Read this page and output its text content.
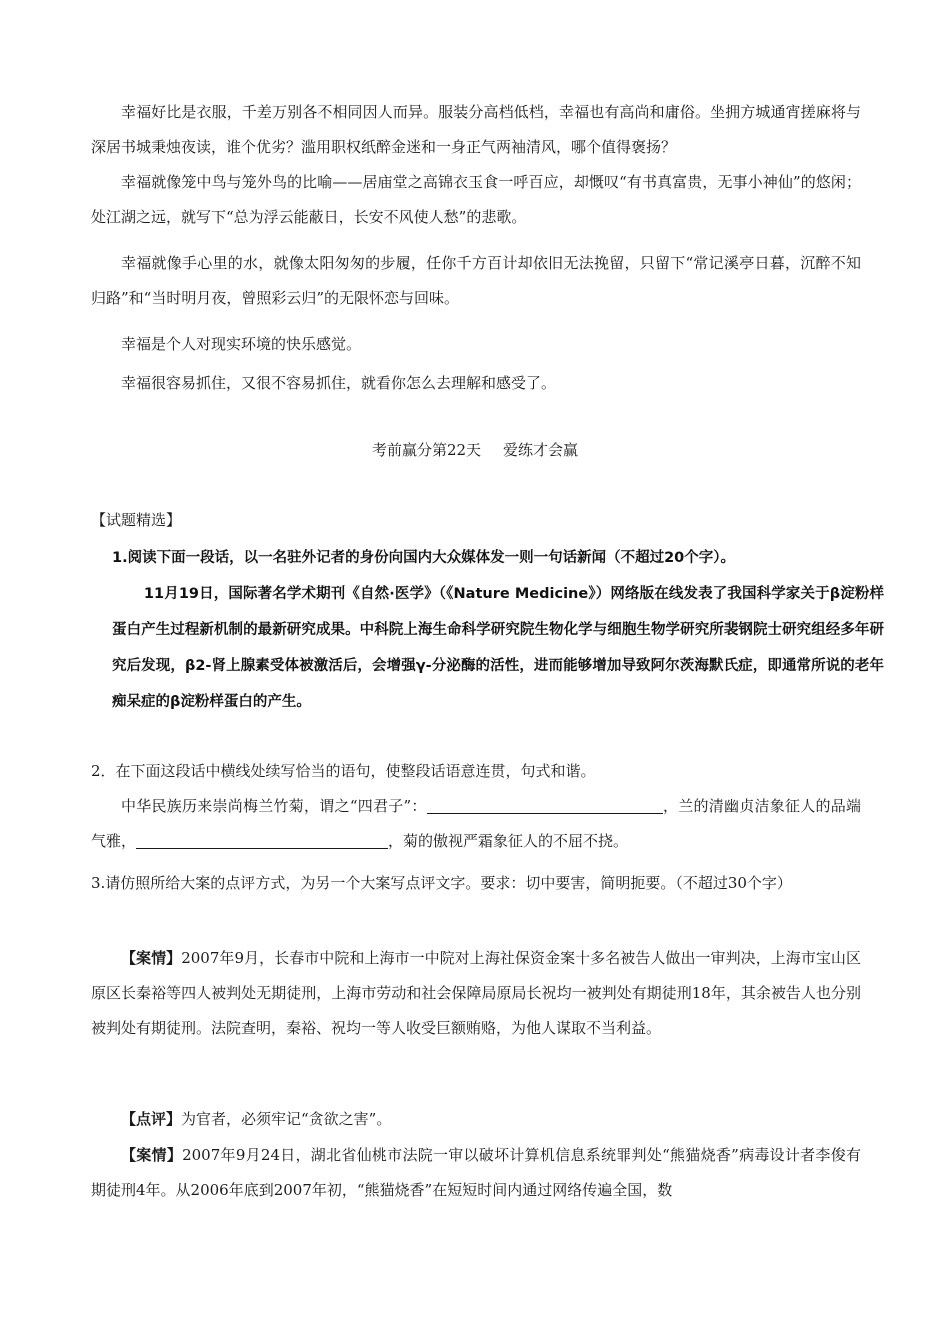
幸福好比是衣服，千差万别各不相同因人而异。服装分高档低档，幸福也有高尚和庸俗。坐拥方城通宵搓麻将与深居书城秉烛夜读，谁个优劣？滥用职权纸醉金迷和一身正气两袖清风，哪个值得褒扬？

幸福就像笼中鸟与笼外鸟的比喻——居庙堂之高锦衣玉食一呼百应，却慨叹“有书真富贵，无事小神仙”的悠闲；处江湖之远，就写下“总为浮云能蔽日，长安不风使人愁”的悲歌。

幸福就像手心里的水，就像太阳匆匆的步履，任你千方百计却依旧无法挽留，只留下“常记溪亭日暮，沉醉不知归路”和“当时明月夜，曾照彩云归”的无限怀恋与回味。

幸福是个人对现实环境的快乐感觉。

幸福很容易抓住，又很不容易抓住，就看你怎么去理解和感受了。

考前赢分第22天 爱练才会赢

【试题精选】

1.阅读下面一段话，以一名驻外记者的身份向国内大众媒体发一则一句话新闻（不超过20个字）。

11月19日，国际著名学术期刊《自然·医学》（《Nature Medicine》）网络版在线发表了我国科学家关于β淀粉样蛋白产生过程新机制的最新研究成果。中科院上海生命科学研究院生物化学与细胞生物学研究所裴钢院士研究组经多年研究后发现，β2-肾上腺素受体被激活后，会增强γ-分泌酶的活性，进而能够增加导致阿尔茨海默氏症，即通常所说的老年痴呆症的β淀粉样蛋白的产生。

2．在下面这段话中横线处续写恰当的语句，使整段话语意连贯，句式和谐。

中华民族历来崇尚梅兰竹菊，谓之“四君子”：	，兰的清幽贞洁象征人的品端气雅，	，菊的傲视严霜象征人的不屈不挠。

3.请仿照所给大案的点评方式，为另一个大案写点评文字。要求：切中要害，简明扼要。（不超过30个字）

【案情】2007年9月，长春市中院和上海市一中院对上海社保资金案十多名被告人做出一审判决，上海市宝山区原区长秦裕等四人被判处无期徒刑，上海市劳动和社会保障局原局长祝均一被判处有期徒刑18年，其余被告人也分别被判处有期徒刑。法院查明，秦裕、祝均一等人收受巨额贿赂，为他人谋取不当利益。

【点评】为官者，必须牢记“贪欲之害”。

【案情】2007年9月24日，湖北省仙桃市法院一审以破坏计算机信息系统罪判处“熊猫烧香”病毒设计者李俊有期徒刑4年。从2006年底到2007年初，“熊猫烧香”在短短时间内通过网络传遍全国，数
